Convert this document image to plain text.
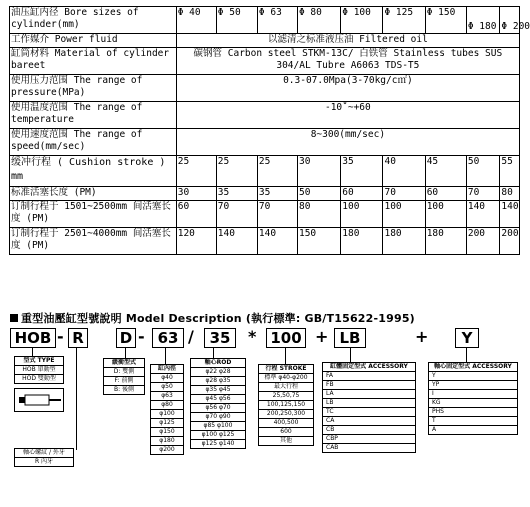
油压缸内径 Bore sizes of cylinder(mm)	Φ 40	Φ 50	Φ 63	Φ 80	Φ 100	Φ 125	Φ 150	Φ 180	Φ 200
工作媒介 Power fluid	以滤清之标准液压油 Filtered oil								
缸筒材料 Material of cylinder bareet	碳钢管 Carbon steel STKM-13C/ 白铁管 Stainless tubes SUS
304/AL Tubre A6063 TDS-T5								

使用压力范围 The range of pressure(MPa)	0.3-07.0Mpa(3-70kg/c㎡)								
使用温度范围 The range of temperature	-10˚~+60								
使用速度范围 The range of speed(mm/sec)	8~300(mm/sec)								
缓冲行程 ( Cushion stroke ) mm	25	25	25	30	35	40	45	50	55
标准活塞长度 (PM)	30	35	35	50	60	70	60	70	80
订制行程于 1501~2500mm 间活塞长度 (PM)	60	70	70	80	100	100	100	140	140
订制行程于 2501~4000mm 间活塞长度 (PM)	120	140	140	150	180	180	180	200	200
重型油壓缸型號說明 Model Description (執行標準: GB/T15622-1995)
HOB - R D - 63 /	35	* 100 + LB	+	Y
型式 TYPE
HOB 單動型
HOD 雙動型
軸心螺紋 / 外牙
R 內牙
緩衝型式
D: 雙側
F: 前側
B: 後側
缸內徑
φ40
φ50
φ63
φ80
φ100
φ125
φ150
φ180
φ200
軸心ROD
φ22 φ28
φ28 φ35
φ35 φ45
φ45 φ56
φ56 φ70
φ70 φ90
φ85 φ100
φ100 φ125
φ125 φ140
行程 STROKE
標準 φ40-φ200
最大行程
25,50,75
100,125,150
200,250,300
400,500
600
其他
缸體固定型式 ACCESSORY
FA
FB
LA
LB
TC
CA
CB
CBP
CAB
軸心固定型式 ACCESSORY
Y
YP
I
KG
PHS
T
A
